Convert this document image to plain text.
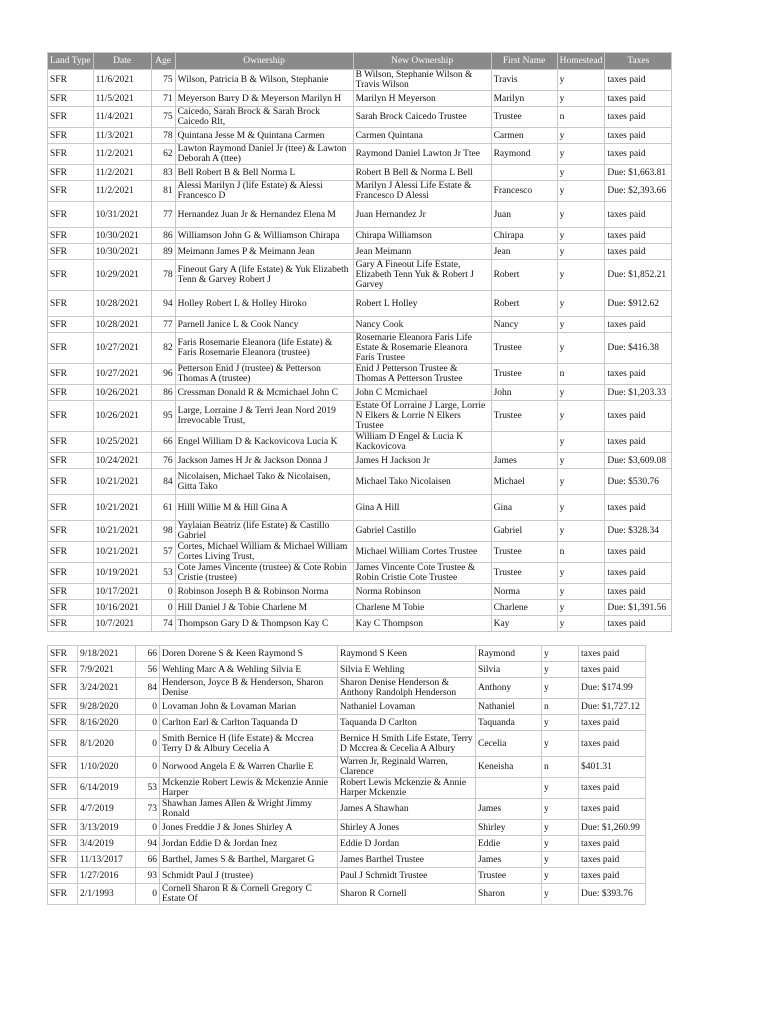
Land Type	Date	Age	Ownership	New Ownership	First Name	Homestead	Taxes
SFR	11/6/2021	75	Wilson, Patricia B & Wilson, Stephanie	B Wilson, Stephanie Wilson & Travis Wilson	Travis	y	taxes paid
SFR	11/5/2021	71	Meyerson Barry D & Meyerson Marilyn H	Marilyn H Meyerson	Marilyn	y	taxes paid
SFR	11/4/2021	75	Caicedo, Sarah Brock & Sarah Brock Caicedo Rlt,	Sarah Brock Caicedo Trustee	Trustee	n	taxes paid
SFR	11/3/2021	78	Quintana Jesse M & Quintana Carmen	Carmen Quintana	Carmen	y	taxes paid
SFR	11/2/2021	62	Lawton Raymond Daniel Jr (ttee) & Lawton Deborah A (ttee)	Raymond Daniel Lawton Jr Ttee	Raymond	y	taxes paid
SFR	11/2/2021	83	Bell Robert B & Bell Norma L	Robert B Bell & Norma L Bell		y	Due: $1,663.81
SFR	11/2/2021	81	Alessi Marilyn J (life Estate) & Alessi Francesco D	Marilyn J Alessi Life Estate & Francesco D Alessi	Francesco	y	Due: $2,393.66
SFR	10/31/2021	77	Hernandez Juan Jr & Hernandez Elena M	Juan Hernandez Jr	Juan	y	taxes paid
SFR	10/30/2021	86	Williamson John G & Williamson Chirapa	Chirapa Williamson	Chirapa	y	taxes paid
SFR	10/30/2021	89	Meimann James P & Meimann Jean	Jean Meimann	Jean	y	taxes paid
SFR	10/29/2021	78	Fineout Gary A (life Estate) & Yuk Elizabeth Tenn & Garvey Robert J	Gary A Fineout Life Estate, Elizabeth Tenn Yuk & Robert J Garvey	Robert	y	Due: $1,852.21
SFR	10/28/2021	94	Holley Robert L & Holley Hiroko	Robert L Holley	Robert	y	Due: $912.62
SFR	10/28/2021	77	Parnell Janice L & Cook Nancy	Nancy Cook	Nancy	y	taxes paid
SFR	10/27/2021	82	Faris Rosemarie Eleanora (life Estate) & Faris Rosemarie Eleanora (trustee)	Rosemarie Eleanora Faris Life Estate & Rosemarie Eleanora Faris Trustee	Trustee	y	Due: $416.38
SFR	10/27/2021	96	Petterson Enid J (trustee) & Petterson Thomas A (trustee)	Enid J Petterson Trustee & Thomas A Petterson Trustee	Trustee	n	taxes paid
SFR	10/26/2021	86	Cressman Donald R & Mcmichael John C	John C Mcmichael	John	y	Due: $1,203.33
SFR	10/26/2021	95	Large, Lorraine J & Terri Jean Nord 2019 Irrevocable Trust,	Estate Of Lorraine J Large, Lorrie N Elkers & Lorrie N Elkers Trustee	Trustee	y	taxes paid
SFR	10/25/2021	66	Engel William D & Kackovicova Lucia K	William D Engel & Lucia K Kackovicova		y	taxes paid
SFR	10/24/2021	76	Jackson James H Jr & Jackson Donna J	James H Jackson Jr	James	y	Due: $3,609.08
SFR	10/21/2021	84	Nicolaisen, Michael Tako & Nicolaisen, Gitta Tako	Michael Tako Nicolaisen	Michael	y	Due: $530.76
SFR	10/21/2021	61	Hilll Willie M & Hill Gina A	Gina A Hill	Gina	y	taxes paid
SFR	10/21/2021	98	Yaylaian Beatriz (life Estate) & Castillo Gabriel	Gabriel Castillo	Gabriel	y	Due: $328.34
SFR	10/21/2021	57	Cortes, Michael William & Michael William Cortes Living Trust,	Michael William Cortes Trustee	Trustee	n	taxes paid
SFR	10/19/2021	53	Cote James Vincente (trustee) & Cote Robin Cristie (trustee)	James Vincente Cote Trustee & Robin Cristie Cote Trustee	Trustee	y	taxes paid
SFR	10/17/2021	0	Robinson Joseph B & Robinson Norma	Norma Robinson	Norma	y	taxes paid
SFR	10/16/2021	0	Hill Daniel J & Tobie Charlene M	Charlene M Tobie	Charlene	y	Due: $1,391.56
SFR	10/7/2021	74	Thompson Gary D & Thompson Kay C	Kay C Thompson	Kay	y	taxes paid
SFR	9/18/2021	66	Doren Dorene S & Keen Raymond S	Raymond S Keen	Raymond	y	taxes paid
SFR	7/9/2021	56	Wehling Marc A & Wehling Silvia E	Silvia E Wehling	Silvia	y	taxes paid
SFR	3/24/2021	84	Henderson, Joyce B & Henderson, Sharon Denise	Sharon Denise Henderson & Anthony Randolph Henderson	Anthony	y	Due: $174.99
SFR	9/28/2020	0	Lovaman John & Lovaman Marian	Nathaniel Lovaman	Nathaniel	n	Due: $1,727.12
SFR	8/16/2020	0	Carlton Earl & Carlton Taquanda D	Taquanda D Carlton	Taquanda	y	taxes paid
SFR	8/1/2020	0	Smith Bernice H (life Estate) & Mccrea Terry D & Albury Cecelia A	Bernice H Smith Life Estate, Terry D Mccrea & Cecelia A Albury	Cecelia	y	taxes paid
SFR	1/10/2020	0	Norwood Angela E & Warren Charlie E	Warren Jr, Reginald Warren, Clarence	Keneisha	n	$401.31
SFR	6/14/2019	53	Mckenzie Robert Lewis & Mckenzie Annie Harper	Robert Lewis Mckenzie & Annie Harper Mckenzie		y	taxes paid
SFR	4/7/2019	73	Shawhan James Allen & Wright Jimmy Ronald	James A Shawhan	James	y	taxes paid
SFR	3/13/2019	0	Jones Freddie J & Jones Shirley A	Shirley A Jones	Shirley	y	Due: $1,260.99
SFR	3/4/2019	94	Jordan Eddie D & Jordan Inez	Eddie D Jordan	Eddie	y	taxes paid
SFR	11/13/2017	66	Barthel, James S & Barthel, Margaret G	James Barthel Trustee	James	y	taxes paid
SFR	1/27/2016	93	Schmidt Paul J (trustee)	Paul J Schmidt Trustee	Trustee	y	taxes paid
SFR	2/1/1993	0	Cornell Sharon R & Cornell Gregory C Estate Of	Sharon R Cornell	Sharon	y	Due: $393.76
